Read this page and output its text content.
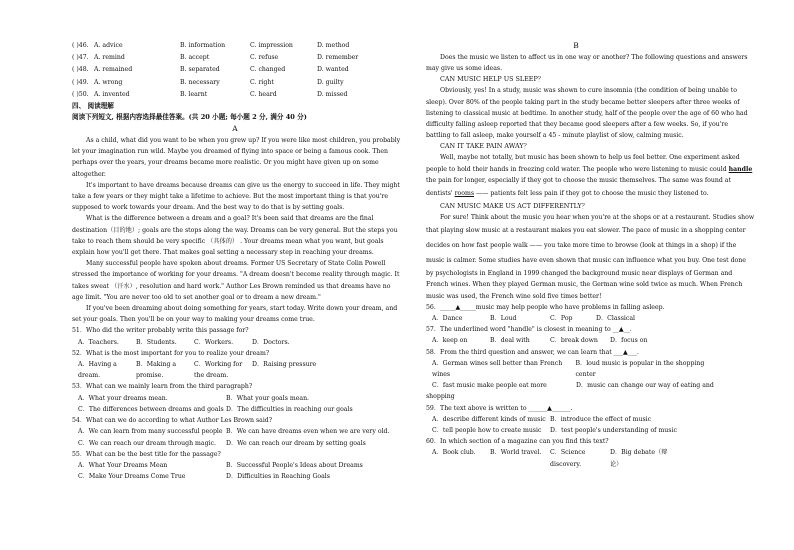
( )46. A. advice	B. information	C. impression	D. method
( )47. A. remind	B. accept	C. refuse	D. remember
( )48. A. remained	B. separated	C. changed	D. wanted
( )49. A. wrong	B. necessary	C. right	D. guilty
( )50. A. invented	B. learnt	C. heard	D. missed
四、 阅读理解
阅读下列短文, 根据内容选择最佳答案。(共 20 小题; 每小题 2 分, 满分 40 分)
A
As a child, what did you want to be when you grew up? If you were like most children, you probably
let your imagination run wild. Maybe you dreamed of flying into space or being a famous cook. Then
perhaps over the years, your dreams became more realistic. Or you might have given up on some
altogether.
It's important to have dreams because dreams can give us the energy to succeed in life. They might
take a few years or they might take a lifetime to achieve. But the most important thing is that you're
supposed to work towards your dream. And the best way to do that is by setting goals.
What is the difference between a dream and a goal? It's been said that dreams are the final
destination（目的地）; goals are the stops along the way. Dreams can be very general. But the steps you
take to reach them should be very specific （具体的） . Your dreams mean what you want, but goals
explain how you'll get there. That makes goal setting a necessary step in reaching your dreams.
Many successful people have spoken about dreams. Former US Secretary of State Colin Powell
stressed the importance of working for your dreams. "A dream doesn't become reality through magic. It
takes sweat （汗水）, resolution and hard work." Author Les Brown reminded us that dreams have no
age limit. "You are never too old to set another goal or to dream a new dream."
If you've been dreaming about doing something for years, start today. Write down your dream, and
set your goals. Then you'll be on your way to making your dreams come true.
51．Who did the writer probably write this passage for?
A．Teachers.	B．Students.	C．Workers.	D．Doctors.
52．What is the most important for you to realize your dream?
A．Having a dream.
B．Making a promise.
C．Working for the dream.
D．Raising pressure
53．What can we mainly learn from the third paragraph?
A．What your dreams mean.	B．What your goals mean.
C．The differences between dreams and goals D．The difficulties in reaching our goals
54．What can we do according to what Author Les Brown said?
A．We can learn from many successful people B．We can have dreams even when we are very old.
C．We can reach our dream through magic.	D．We can reach our dream by setting goals
55．What can be the best title for the passage?
A．What Your Dreams Mean	B．Successful People's Ideas about Dreams
C．Make Your Dreams Come True	D．Difficulties in Reaching Goals
B
Does the music we listen to affect us in one way or another? The following questions and answers
may give us some ideas.
CAN MUSIC HELP US SLEEP？
Obviously, yes! In a study, music was shown to cure insomnia (the condition of being unable to
sleep). Over 80% of the people taking part in the study became better sleepers after three weeks of
listening to classical music at bedtime. In another study, half of the people over the age of 60 who had
difficulty falling asleep reported that they became good sleepers after a few weeks. So, if you're
battling to fall asleep, make yourself a 45 - minute playlist of slow, calming music.
CAN IT TAKE PAIN AWAY？
Well, maybe not totally, but music has been shown to help us feel better. One experiment asked
people to hold their hands in freezing cold water. The people who were listening to music could handle
the pain for longer, especially if they got to choose the music themselves. The same was found at
dentists' rooms —— patients felt less pain if they got to choose the music they listened to.
CAN MUSIC MAKE US ACT DIFFERENTLY？
For sure! Think about the music you hear when you're at the shops or at a restaurant. Studies show
that playing slow music at a restaurant makes you eat slower. The pace of music in a shopping center
decides on how fast people walk —— you take more time to browse (look at things in a shop) if the
music is calmer. Some studies have even shown that music can influence what you buy. One test done
by psychologists in England in 1999 changed the background music near displays of German and
French wines. When they played German music, the German wine sold twice as much. When French
music was used, the French wine sold five times better!
56．_____▲_____music may help people who have problems in falling asleep.
A．Dance	B．Loud	C．Pop	D．Classical
57．The underlined word "handle" is closest in meaning to __▲__．
A．keep on	B．deal with	C．break down	D．focus on
58．From the third question and answer, we can learn that ___▲___.
A．German wines sell better than French wines
B．loud music is popular in the shopping center
C．fast music make people eat more	D．music can change our way of eating and
shopping
59．The text above is written to ______▲______.
A．describe different kinds of music B．introduce the effect of music
C．tell people how to create music	D．test people's understanding of music
60．In which section of a magazine can you find this text?
A．Book club.	B．World travel.	C．Science discovery.
D．Big debate（辩论）
